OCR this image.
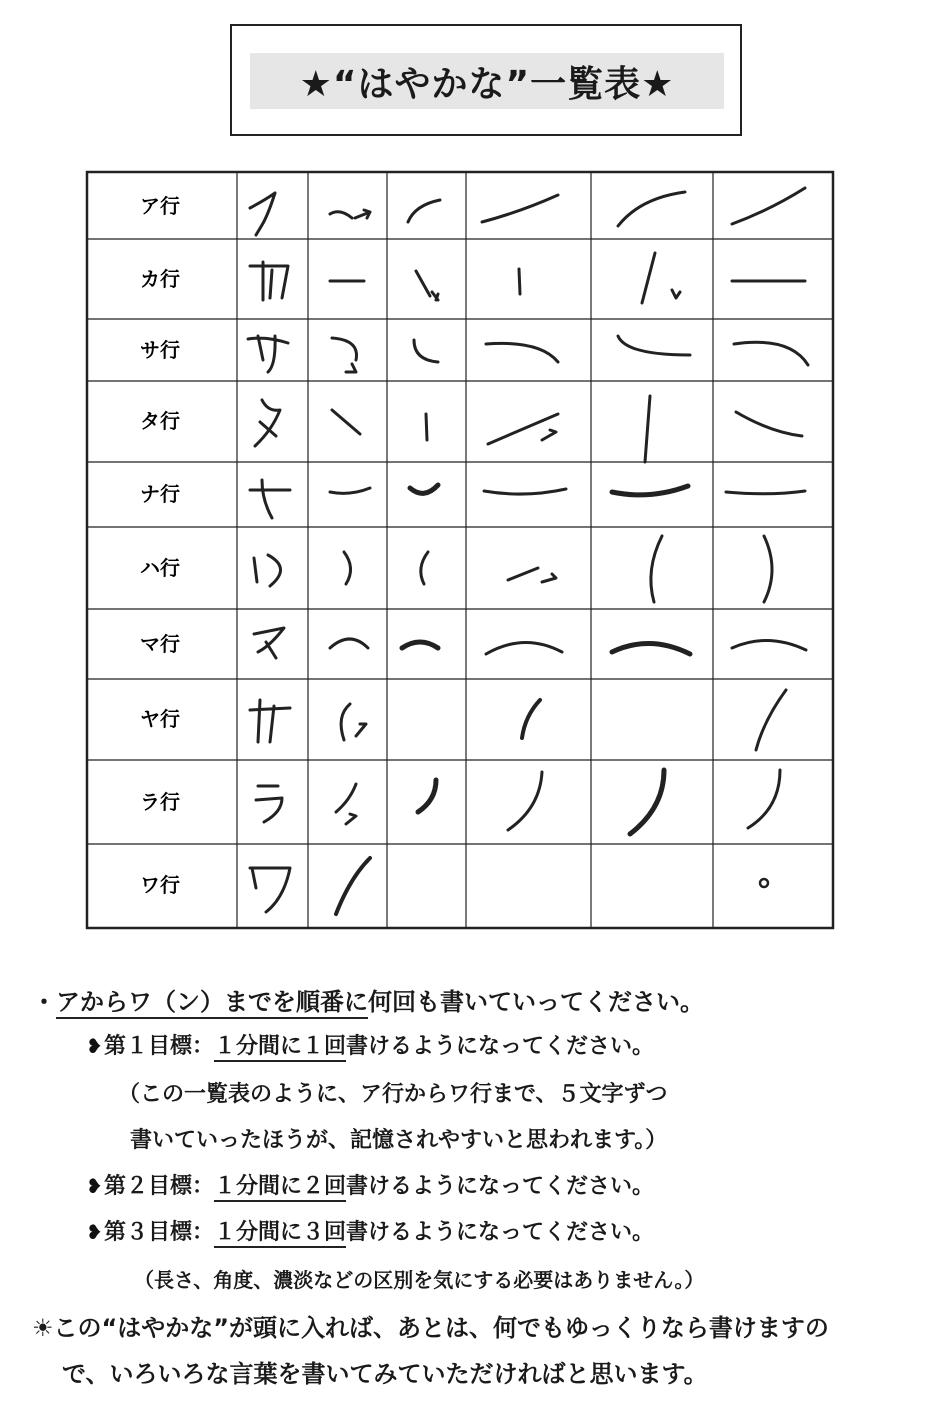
★“はやかな”一覧表★
ア行
カ行
サ行
タ行
ナ行
ハ行
マ行
ヤ行
ラ行
ワ行
・アからワ（ン）までを順番に何回も書いていってください。
❥第１目標：１分間に１回書けるようになってください。
（この一覧表のように、ア行からワ行まで、５文字ずつ
書いていったほうが、記憶されやすいと思われます。）
❥第２目標：１分間に２回書けるようになってください。
❥第３目標：１分間に３回書けるようになってください。
（長さ、角度、濃淡などの区別を気にする必要はありません。）
☀この“はやかな”が頭に入れば、あとは、何でもゆっくりなら書けますの
で、いろいろな言葉を書いてみていただければと思います。
